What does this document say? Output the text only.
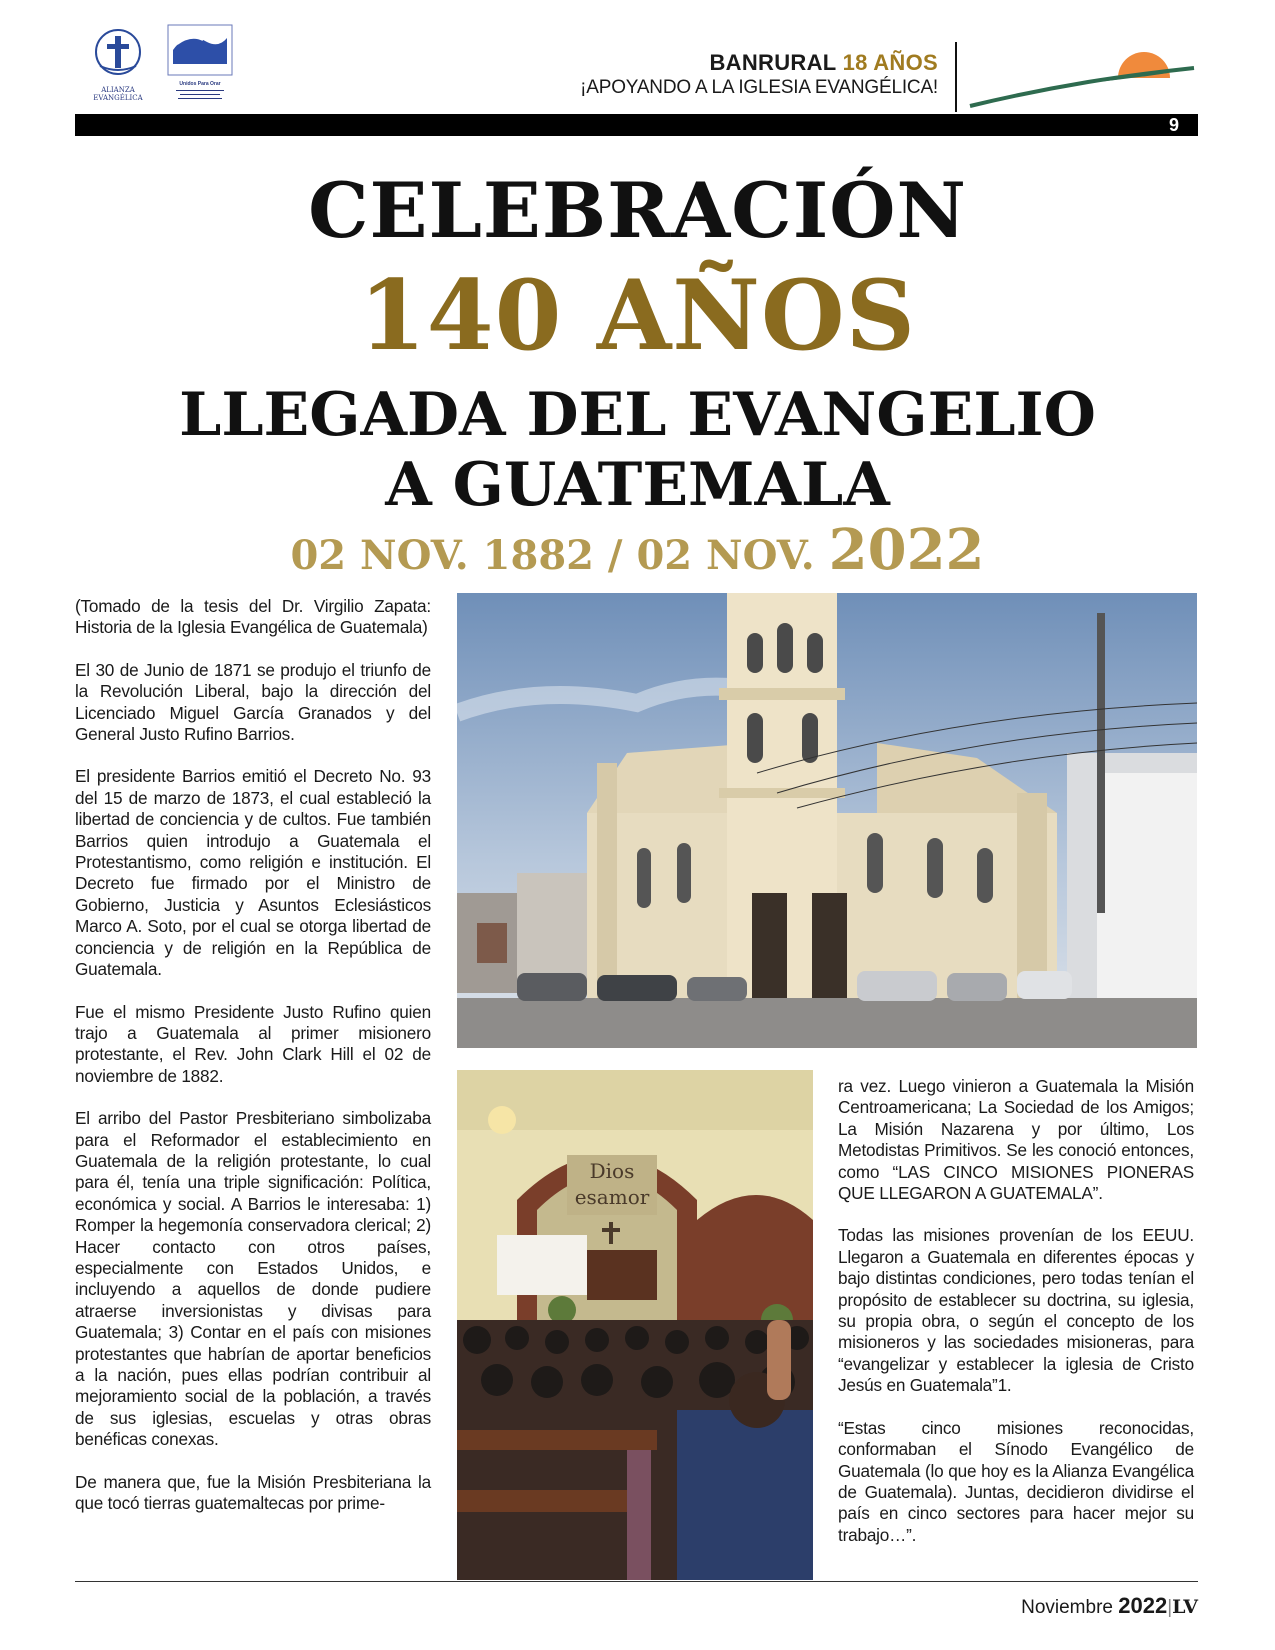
ALIANZA EVANGÉLICA
Unidos Para Orar
BANRURAL 18 AÑOS
¡APOYANDO A LA IGLESIA EVANGÉLICA!
9
CELEBRACIÓN
140 AÑOS
LLEGADA DEL EVANGELIO
A GUATEMALA
02 NOV. 1882 / 02 NOV. 2022

(Tomado de la tesis del Dr. Virgilio Zapata: Historia de la Iglesia Evangélica de Guatemala)

El 30 de Junio de 1871 se produjo el triunfo de la Revolución Liberal, bajo la dirección del Licenciado Miguel García Granados y del General Justo Rufino Barrios.

El presidente Barrios emitió el Decreto No. 93 del 15 de marzo de 1873, el cual estableció la libertad de conciencia y de cultos. Fue también Barrios quien introdujo a Guatemala el Protestantismo, como religión e institución. El Decreto fue firmado por el Ministro de Gobierno, Justicia y Asuntos Eclesiásticos Marco A. Soto, por el cual se otorga libertad de conciencia y de religión en la República de Guatemala.

Fue el mismo Presidente Justo Rufino quien trajo a Guatemala al primer misionero protestante, el Rev. John Clark Hill el 02 de noviembre de 1882.

El arribo del Pastor Presbiteriano simbolizaba para el Reformador el establecimiento en Guatemala de la religión protestante, lo cual para él, tenía una triple significación: Política, económica y social. A Barrios le interesaba: 1) Romper la hegemonía conservadora clerical; 2) Hacer contacto con otros países, especialmente con Estados Unidos, e incluyendo a aquellos de donde pudiere atraerse inversionistas y divisas para Guatemala; 3) Contar en el país con misiones protestantes que habrían de aportar beneficios a la nación, pues ellas podrían contribuir al mejoramiento social de la población, a través de sus iglesias, escuelas y otras obras benéficas conexas.

De manera que, fue la Misión Presbiteriana la que tocó tierras guatemaltecas por prime-

Dios
esamor

ra vez. Luego vinieron a Guatemala la Misión Centroamericana; La Sociedad de los Amigos; La Misión Nazarena y por último, Los Metodistas Primitivos. Se les conoció entonces, como “LAS CINCO MISIONES PIONERAS QUE LLEGARON A GUATEMALA”.

Todas las misiones provenían de los EEUU. Llegaron a Guatemala en diferentes épocas y bajo distintas condiciones, pero todas tenían el propósito de establecer su doctrina, su iglesia, su propia obra, o según el concepto de los misioneros y las sociedades misioneras, para “evangelizar y establecer la iglesia de Cristo Jesús en Guatemala”1.

“Estas cinco misiones reconocidas, conformaban el Sínodo Evangélico de Guatemala (lo que hoy es la Alianza Evangélica de Guatemala). Juntas, decidieron dividirse el país en cinco sectores para hacer mejor su trabajo…”.

Noviembre 2022|LV
